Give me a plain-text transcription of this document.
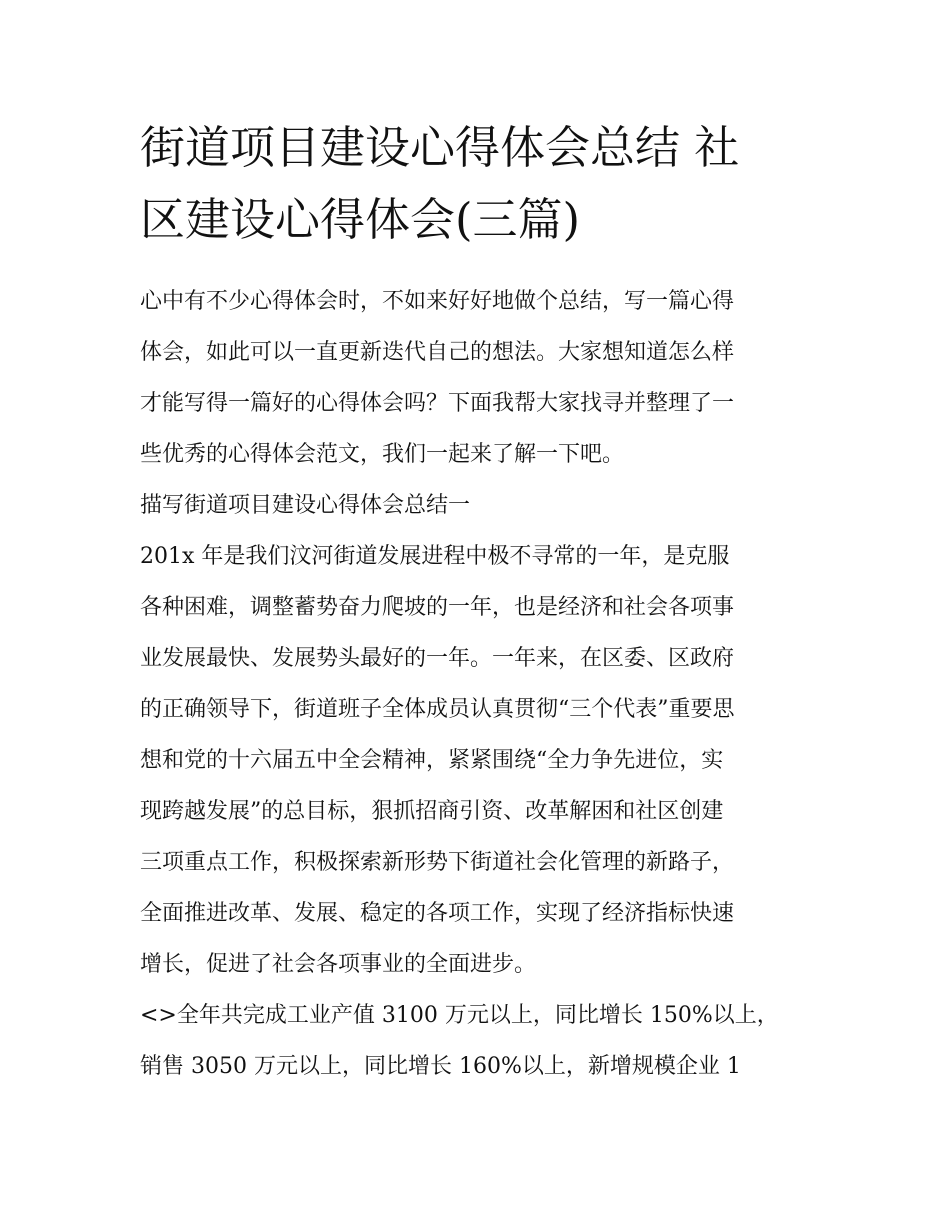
街道项目建设心得体会总结 社
区建设心得体会(三篇)

心中有不少心得体会时，不如来好好地做个总结，写一篇心得
体会，如此可以一直更新迭代自己的想法。大家想知道怎么样
才能写得一篇好的心得体会吗？下面我帮大家找寻并整理了一
些优秀的心得体会范文，我们一起来了解一下吧。

描写街道项目建设心得体会总结一

201x 年是我们汶河街道发展进程中极不寻常的一年，是克服
各种困难，调整蓄势奋力爬坡的一年，也是经济和社会各项事
业发展最快、发展势头最好的一年。一年来，在区委、区政府
的正确领导下，街道班子全体成员认真贯彻“三个代表”重要思
想和党的十六届五中全会精神，紧紧围绕“全力争先进位，实
现跨越发展”的总目标，狠抓招商引资、改革解困和社区创建
三项重点工作，积极探索新形势下街道社会化管理的新路子，
全面推进改革、发展、稳定的各项工作，实现了经济指标快速
增长，促进了社会各项事业的全面进步。

<>全年共完成工业产值 3100 万元以上，同比增长 150%以上，
销售 3050 万元以上，同比增长 160%以上，新增规模企业 1
